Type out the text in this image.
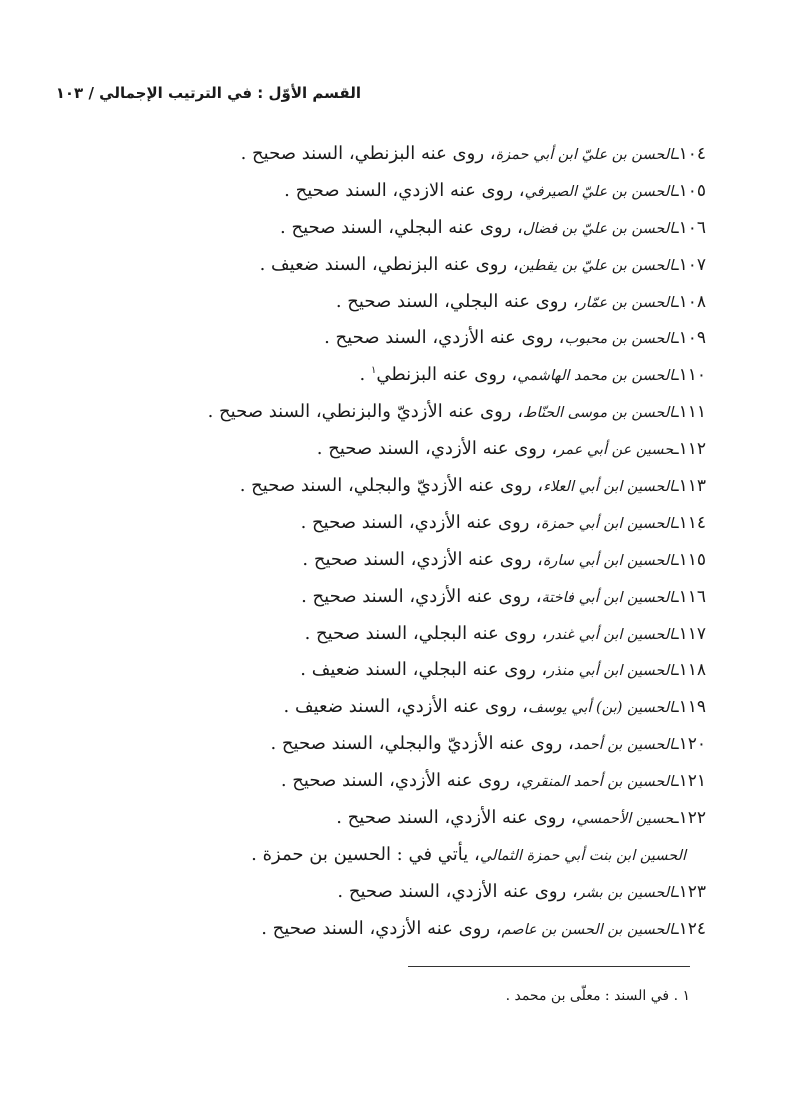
القسم الأوّل : في الترتيب الإجمالي / ١٠٣
١٠٤ـالحسن بن عليّ ابن أبي حمزة، روى عنه البزنطي، السند صحيح .
١٠٥ـالحسن بن عليّ الصيرفي، روى عنه الازدي، السند صحيح .
١٠٦ـالحسن بن عليّ بن فضال، روى عنه البجلي، السند صحيح .
١٠٧ـالحسن بن عليّ بن يقطين، روى عنه البزنطي، السند ضعيف .
١٠٨ـالحسن بن عمّار، روى عنه البجلي، السند صحيح .
١٠٩ـالحسن بن محبوب، روى عنه الأزدي، السند صحيح .
١١٠ـالحسن بن محمد الهاشمي، روى عنه البزنطي$^١$ .
١١١ـالحسن بن موسى الحنّاط، روى عنه الأزديّ والبزنطي، السند صحيح .
١١٢ـحسين عن أبي عمر، روى عنه الأزدي، السند صحيح .
١١٣ـالحسين ابن أبي العلاء، روى عنه الأزديّ والبجلي، السند صحيح .
١١٤ـالحسين ابن أبي حمزة، روى عنه الأزدي، السند صحيح .
١١٥ـالحسين ابن أبي سارة، روى عنه الأزدي، السند صحيح .
١١٦ـالحسين ابن أبي فاختة، روى عنه الأزدي، السند صحيح .
١١٧ـالحسين ابن أبي غندر، روى عنه البجلي، السند صحيح .
١١٨ـالحسين ابن أبي منذر، روى عنه البجلي، السند ضعيف .
١١٩ـالحسين (بن) أبي يوسف، روى عنه الأزدي، السند ضعيف .
١٢٠ـالحسين بن أحمد، روى عنه الأزديّ والبجلي، السند صحيح .
١٢١ـالحسين بن أحمد المنقري، روى عنه الأزدي، السند صحيح .
١٢٢ـحسين الأحمسي، روى عنه الأزدي، السند صحيح .
الحسين ابن بنت أبي حمزة الثمالي، يأتي في : الحسين بن حمزة .
١٢٣ـالحسين بن بشر، روى عنه الأزدي، السند صحيح .
١٢٤ـالحسين بن الحسن بن عاصم، روى عنه الأزدي، السند صحيح .
١ . في السند : معلّى بن محمد .
